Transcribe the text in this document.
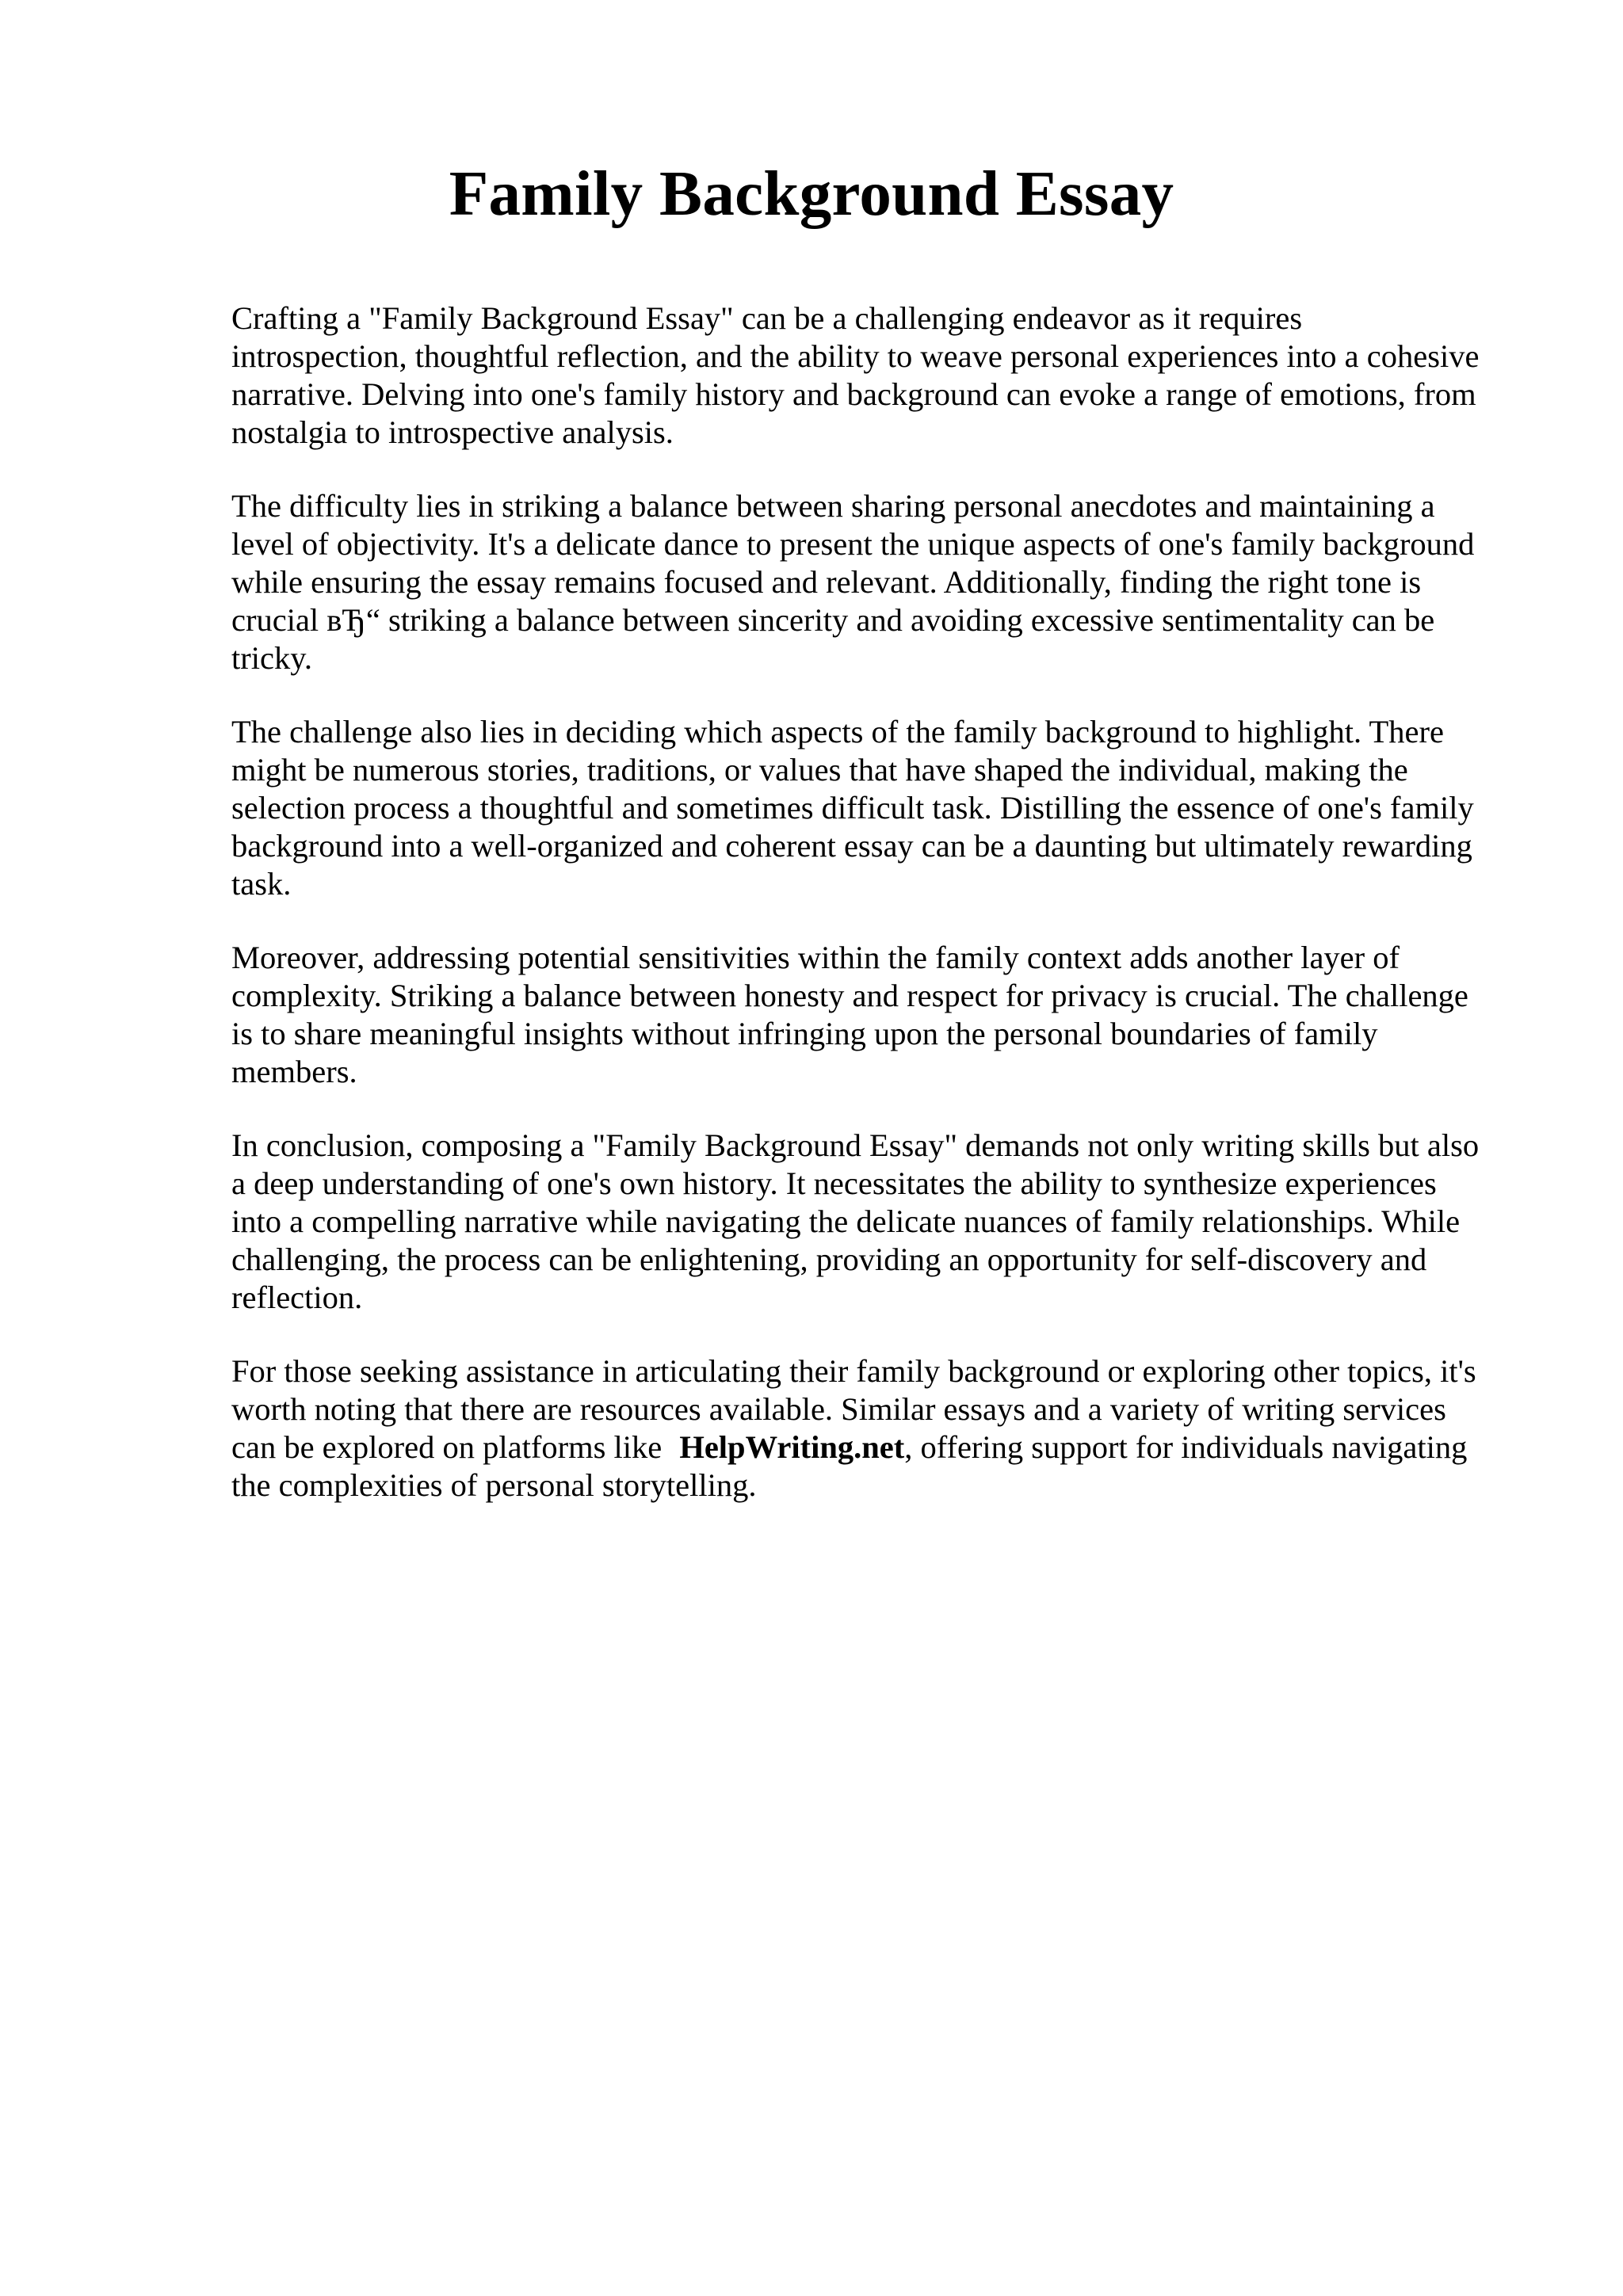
Family Background Essay

Crafting a "Family Background Essay" can be a challenging endeavor as it requires
introspection, thoughtful reflection, and the ability to weave personal experiences into a cohesive
narrative. Delving into one's family history and background can evoke a range of emotions, from
nostalgia to introspective analysis.

The difficulty lies in striking a balance between sharing personal anecdotes and maintaining a
level of objectivity. It's a delicate dance to present the unique aspects of one's family background
while ensuring the essay remains focused and relevant. Additionally, finding the right tone is
crucial вЂ“ striking a balance between sincerity and avoiding excessive sentimentality can be
tricky.

The challenge also lies in deciding which aspects of the family background to highlight. There
might be numerous stories, traditions, or values that have shaped the individual, making the
selection process a thoughtful and sometimes difficult task. Distilling the essence of one's family
background into a well-organized and coherent essay can be a daunting but ultimately rewarding
task.

Moreover, addressing potential sensitivities within the family context adds another layer of
complexity. Striking a balance between honesty and respect for privacy is crucial. The challenge
is to share meaningful insights without infringing upon the personal boundaries of family
members.

In conclusion, composing a "Family Background Essay" demands not only writing skills but also
a deep understanding of one's own history. It necessitates the ability to synthesize experiences
into a compelling narrative while navigating the delicate nuances of family relationships. While
challenging, the process can be enlightening, providing an opportunity for self-discovery and
reflection.

For those seeking assistance in articulating their family background or exploring other topics, it's
worth noting that there are resources available. Similar essays and a variety of writing services
can be explored on platforms like HelpWriting.net, offering support for individuals navigating
the complexities of personal storytelling.
